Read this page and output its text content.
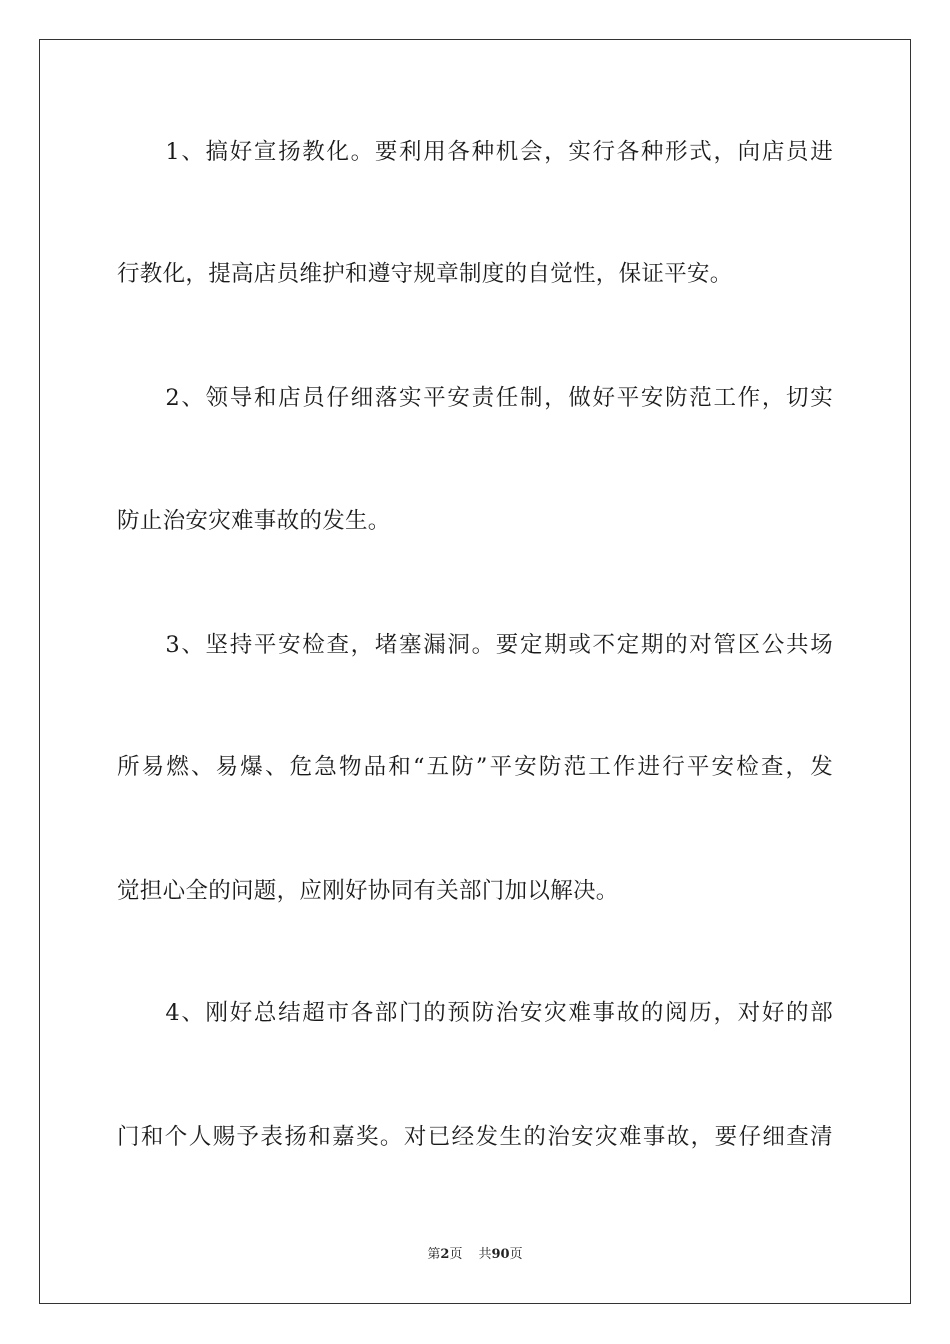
　　1、搞好宣扬教化。要利用各种机会，实行各种形式，向店员进
行教化，提高店员维护和遵守规章制度的自觉性，保证平安。
　　2、领导和店员仔细落实平安责任制，做好平安防范工作，切实
防止治安灾难事故的发生。
　　3、坚持平安检查，堵塞漏洞。要定期或不定期的对管区公共场
所易燃、易爆、危急物品和“五防”平安防范工作进行平安检查，发
觉担心全的问题，应刚好协同有关部门加以解决。
　　4、刚好总结超市各部门的预防治安灾难事故的阅历，对好的部
门和个人赐予表扬和嘉奖。对已经发生的治安灾难事故，要仔细查清
第2页 共90页
